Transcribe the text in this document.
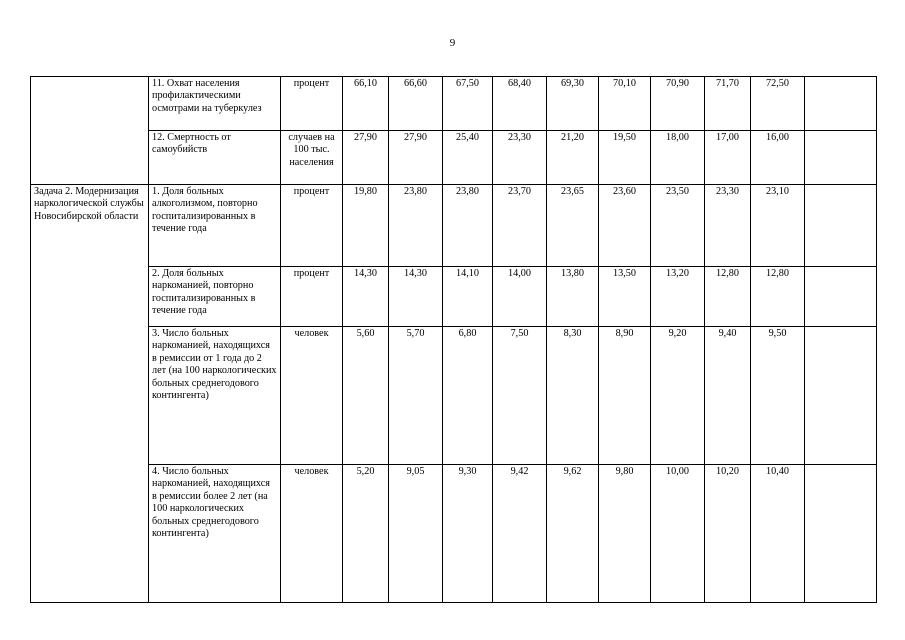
9
	11. Охват населения профилактическими осмотрами на туберкулез	процент	66,10	66,60	67,50	68,40	69,30	70,10	70,90	71,70	72,50	
	12. Смертность от самоубийств	случаев на 100 тыс. населения	27,90	27,90	25,40	23,30	21,20	19,50	18,00	17,00	16,00	
Задача 2. Модернизация наркологической службы Новосибирской области	1. Доля больных алкоголизмом, повторно госпитализированных в течение года	процент	19,80	23,80	23,80	23,70	23,65	23,60	23,50	23,30	23,10	
	2. Доля больных наркоманией, повторно госпитализированных в течение года	процент	14,30	14,30	14,10	14,00	13,80	13,50	13,20	12,80	12,80	
	3. Число больных наркоманией, находящихся в ремиссии от 1 года до 2 лет (на 100 наркологических больных среднегодового контингента)	человек	5,60	5,70	6,80	7,50	8,30	8,90	9,20	9,40	9,50	
	4. Число больных наркоманией, находящихся в ремиссии более 2 лет (на 100 наркологических больных среднегодового контингента)	человек	5,20	9,05	9,30	9,42	9,62	9,80	10,00	10,20	10,40	
